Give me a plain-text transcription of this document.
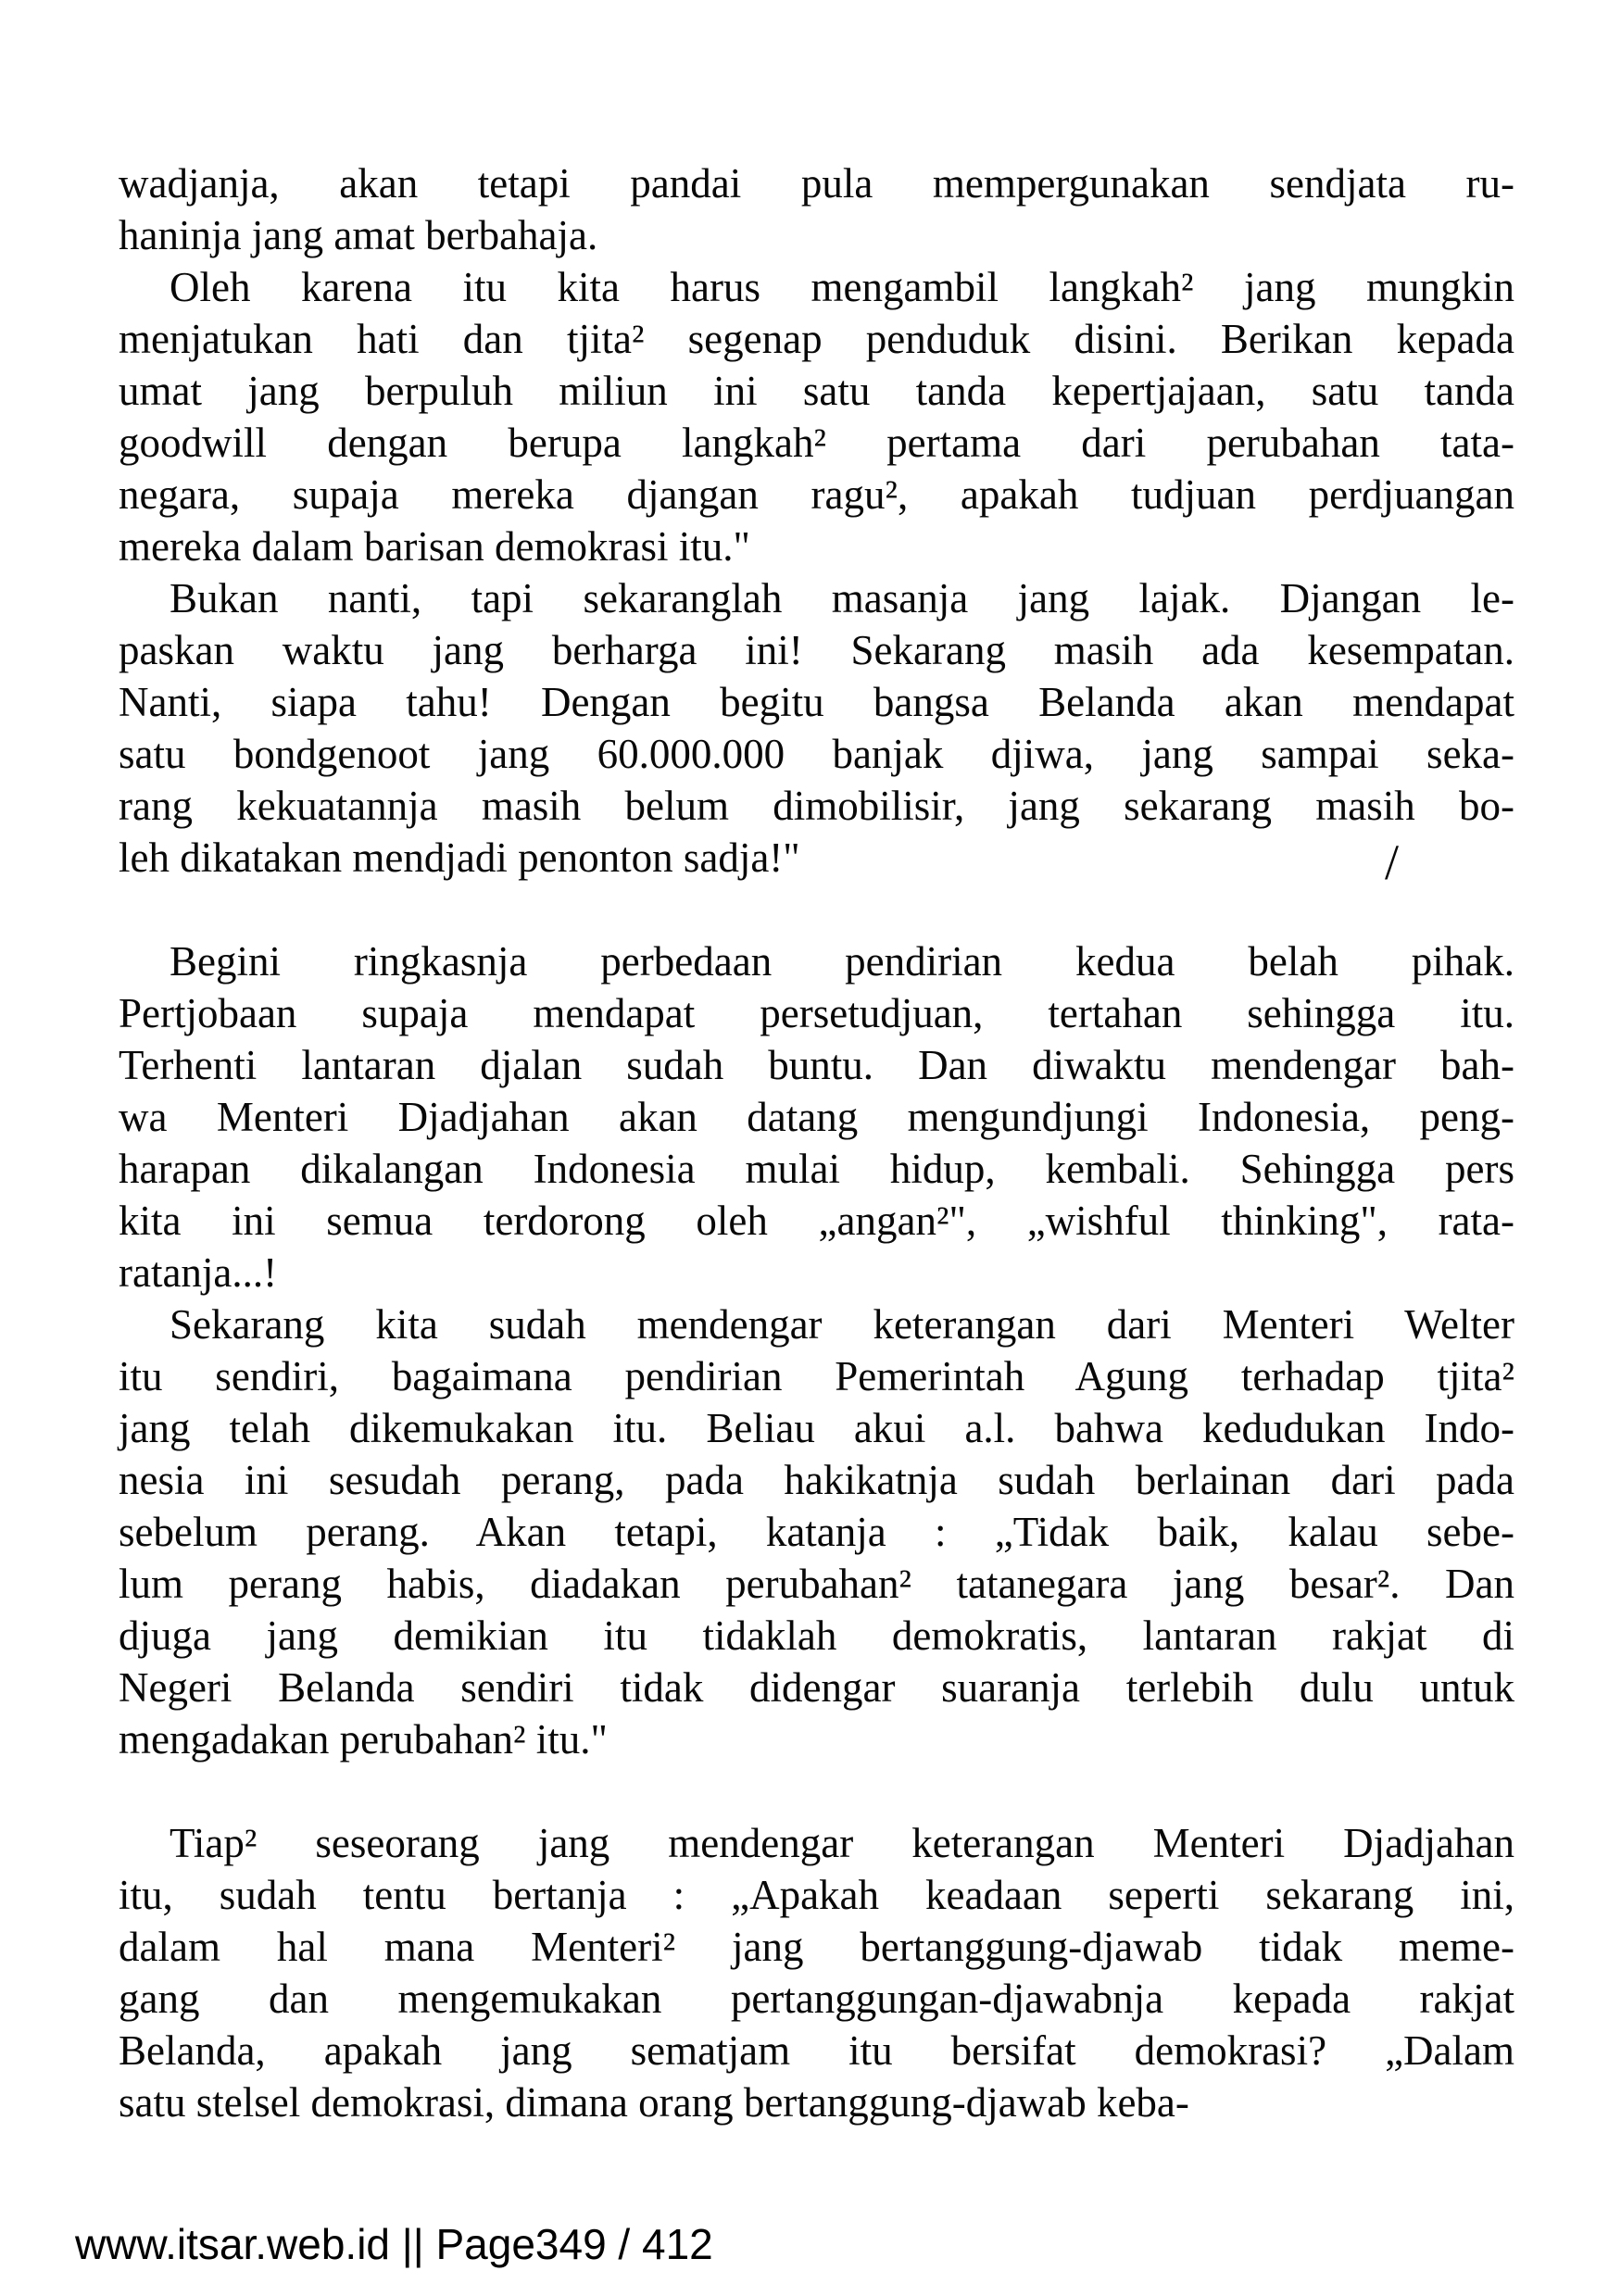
wadjanja, akan tetapi pandai pula mempergunakan sendjata ru-
haninja jang amat berbahaja.
Oleh karena itu kita harus mengambil langkah² jang mungkin
menjatukan hati dan tjita² segenap penduduk disini. Berikan kepada
umat jang berpuluh miliun ini satu tanda kepertjajaan, satu tanda
goodwill dengan berupa langkah² pertama dari perubahan tata-
negara, supaja mereka djangan ragu², apakah tudjuan perdjuangan
mereka dalam barisan demokrasi itu."
Bukan nanti, tapi sekaranglah masanja jang lajak. Djangan le-
paskan waktu jang berharga ini! Sekarang masih ada kesempatan.
Nanti, siapa tahu! Dengan begitu bangsa Belanda akan mendapat
satu bondgenoot jang 60.000.000 banjak djiwa, jang sampai seka-
rang kekuatannja masih belum dimobilisir, jang sekarang masih bo-
leh dikatakan mendjadi penonton sadja!"	/
Begini ringkasnja perbedaan pendirian kedua belah pihak.
Pertjobaan supaja mendapat persetudjuan, tertahan sehingga itu.
Terhenti lantaran djalan sudah buntu. Dan diwaktu mendengar bah-
wa Menteri Djadjahan akan datang mengundjungi Indonesia, peng-
harapan dikalangan Indonesia mulai hidup, kembali. Sehingga pers
kita ini semua terdorong oleh „angan²", „wishful thinking", rata-
ratanja...!
Sekarang kita sudah mendengar keterangan dari Menteri Welter
itu sendiri, bagaimana pendirian Pemerintah Agung terhadap tjita²
jang telah dikemukakan itu. Beliau akui a.l. bahwa kedudukan Indo-
nesia ini sesudah perang, pada hakikatnja sudah berlainan dari pada
sebelum perang. Akan tetapi, katanja : „Tidak baik, kalau sebe-
lum perang habis, diadakan perubahan² tatanegara jang besar². Dan
djuga jang demikian itu tidaklah demokratis, lantaran rakjat di
Negeri Belanda sendiri tidak didengar suaranja terlebih dulu untuk
mengadakan perubahan² itu."
Tiap² seseorang jang mendengar keterangan Menteri Djadjahan
itu, sudah tentu bertanja : „Apakah keadaan seperti sekarang ini,
dalam hal mana Menteri² jang bertanggung-djawab tidak meme-
gang dan mengemukakan pertanggungan-djawabnja kepada rakjat
Belanda, apakah jang sematjam itu bersifat demokrasi? „Dalam
satu stelsel demokrasi, dimana orang bertanggung-djawab keba-
www.itsar.web.id || Page349 / 412
